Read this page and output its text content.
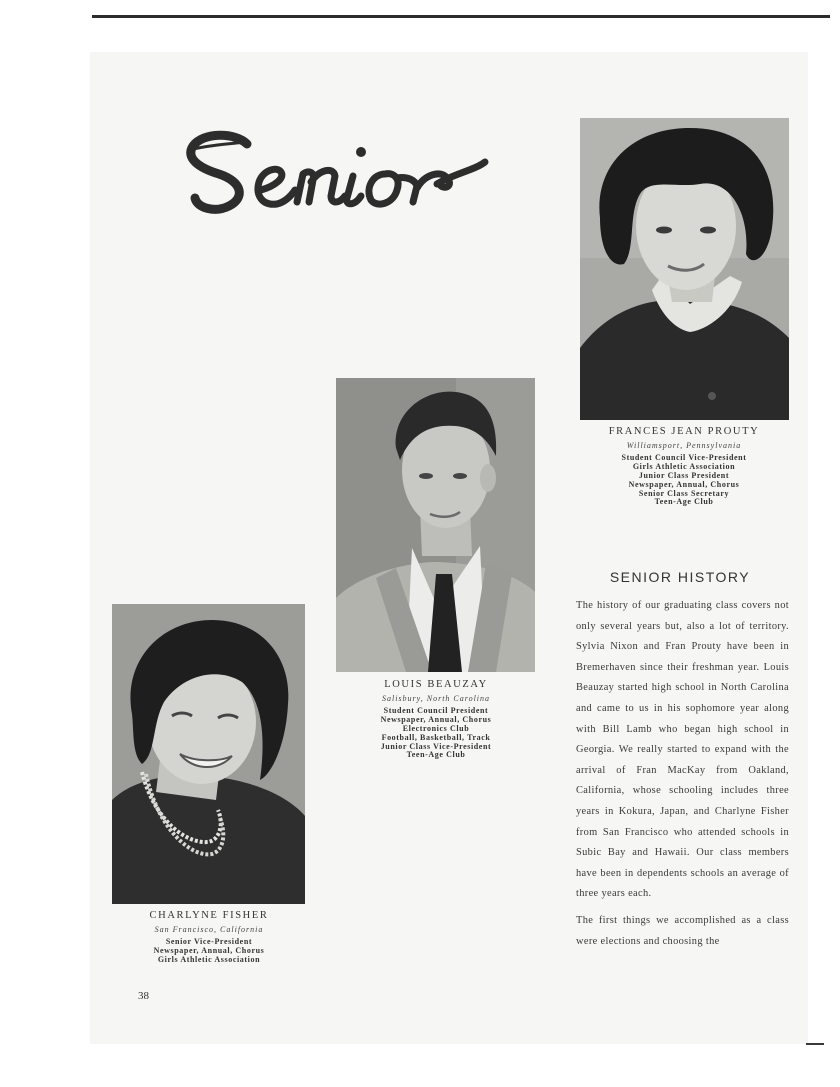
FRANCES JEAN PROUTY
Williamsport, Pennsylvania
Student Council Vice-President
Girls Athletic Association
Junior Class President
Newspaper, Annual, Chorus
Senior Class Secretary
Teen-Age Club
LOUIS BEAUZAY
Salisbury, North Carolina
Student Council President
Newspaper, Annual, Chorus
Electronics Club
Football, Basketball, Track
Junior Class Vice-President
Teen-Age Club
CHARLYNE FISHER
San Francisco, California
Senior Vice-President
Newspaper, Annual, Chorus
Girls Athletic Association
SENIOR HISTORY

The history of our graduating class covers not only several years but, also a lot of territory. Sylvia Nixon and Fran Prouty have been in Bremerhaven since their freshman year. Louis Beauzay started high school in North Carolina and came to us in his sophomore year along with Bill Lamb who began high school in Georgia. We really started to expand with the arrival of Fran MacKay from Oakland, California, whose schooling includes three years in Kokura, Japan, and Charlyne Fisher from San Francisco who attended schools in Subic Bay and Hawaii. Our class members have been in dependents schools an average of three years each.

The first things we accomplished as a class were elections and choosing the

38
